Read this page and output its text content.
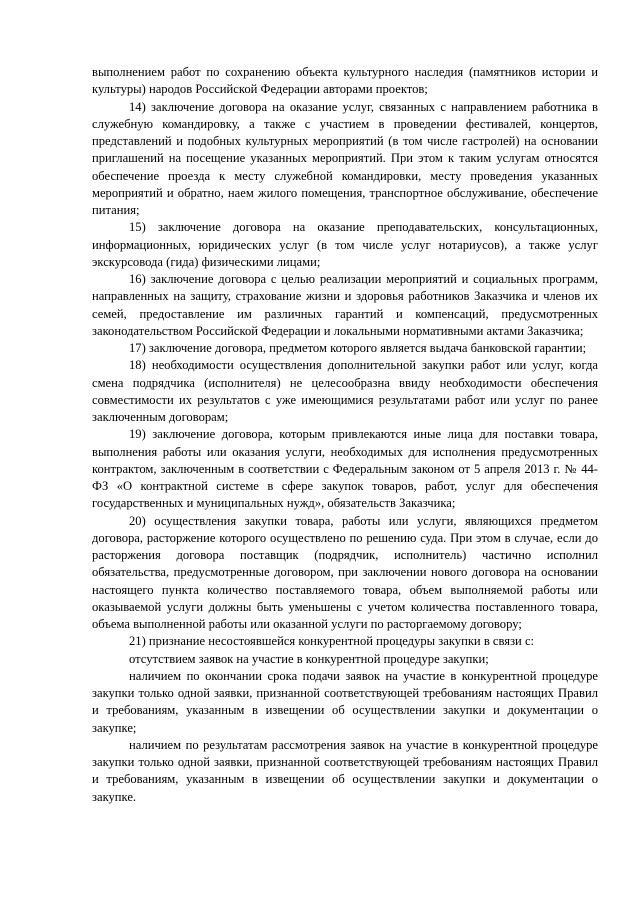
выполнением работ по сохранению объекта культурного наследия (памятников истории и культуры) народов Российской Федерации авторами проектов;

14) заключение договора на оказание услуг, связанных с направлением работника в служебную командировку, а также с участием в проведении фестивалей, концертов, представлений и подобных культурных мероприятий (в том числе гастролей) на основании приглашений на посещение указанных мероприятий. При этом к таким услугам относятся обеспечение проезда к месту служебной командировки, месту проведения указанных мероприятий и обратно, наем жилого помещения, транспортное обслуживание, обеспечение питания;

15) заключение договора на оказание преподавательских, консультационных, информационных, юридических услуг (в том числе услуг нотариусов), а также услуг экскурсовода (гида) физическими лицами;

16) заключение договора с целью реализации мероприятий и социальных программ, направленных на защиту, страхование жизни и здоровья работников Заказчика и членов их семей, предоставление им различных гарантий и компенсаций, предусмотренных законодательством Российской Федерации и локальными нормативными актами Заказчика;

17) заключение договора, предметом которого является выдача банковской гарантии;

18) необходимости осуществления дополнительной закупки работ или услуг, когда смена подрядчика (исполнителя) не целесообразна ввиду необходимости обеспечения совместимости их результатов с уже имеющимися результатами работ или услуг по ранее заключенным договорам;

19) заключение договора, которым привлекаются иные лица для поставки товара, выполнения работы или оказания услуги, необходимых для исполнения предусмотренных контрактом, заключенным в соответствии с Федеральным законом от 5 апреля 2013 г. № 44-ФЗ «О контрактной системе в сфере закупок товаров, работ, услуг для обеспечения государственных и муниципальных нужд», обязательств Заказчика;

20) осуществления закупки товара, работы или услуги, являющихся предметом договора, расторжение которого осуществлено по решению суда. При этом в случае, если до расторжения договора поставщик (подрядчик, исполнитель) частично исполнил обязательства, предусмотренные договором, при заключении нового договора на основании настоящего пункта количество поставляемого товара, объем выполняемой работы или оказываемой услуги должны быть уменьшены с учетом количества поставленного товара, объема выполненной работы или оказанной услуги по расторгаемому договору;

21) признание несостоявшейся конкурентной процедуры закупки в связи с:

отсутствием заявок на участие в конкурентной процедуре закупки;

наличием по окончании срока подачи заявок на участие в конкурентной процедуре закупки только одной заявки, признанной соответствующей требованиям настоящих Правил и требованиям, указанным в извещении об осуществлении закупки и документации о закупке;

наличием по результатам рассмотрения заявок на участие в конкурентной процедуре закупки только одной заявки, признанной соответствующей требованиям настоящих Правил и требованиям, указанным в извещении об осуществлении закупки и документации о закупке.
